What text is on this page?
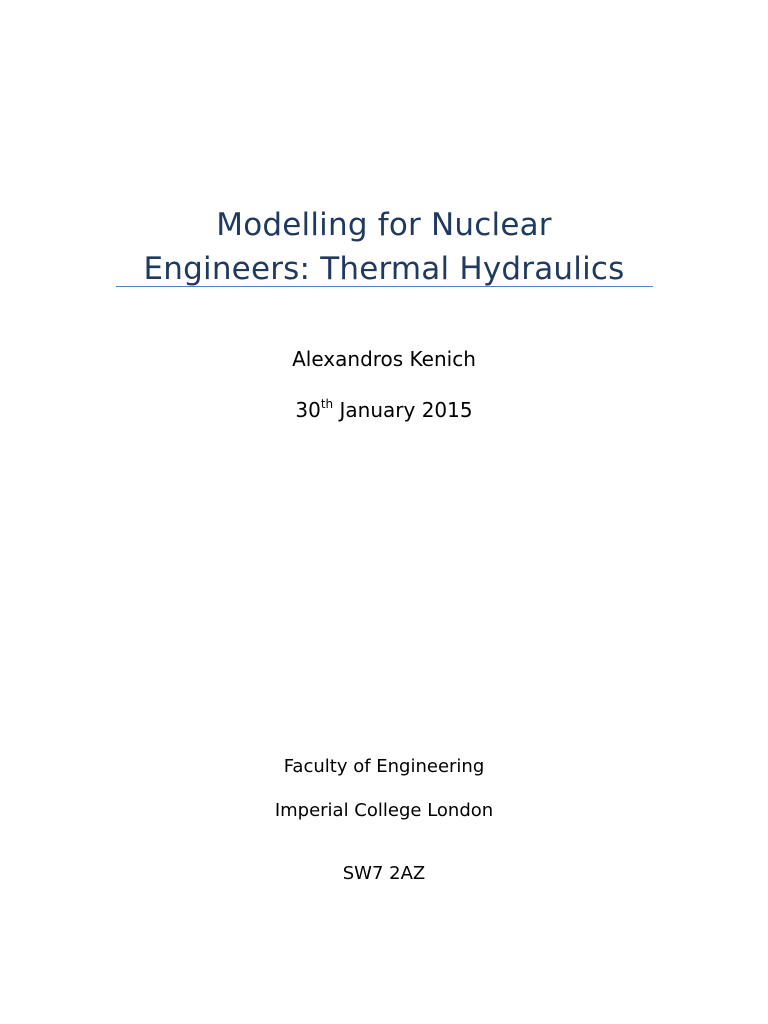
Modelling for Nuclear
Engineers: Thermal Hydraulics
Alexandros Kenich
30th January 2015
Faculty of Engineering
Imperial College London
SW7 2AZ
